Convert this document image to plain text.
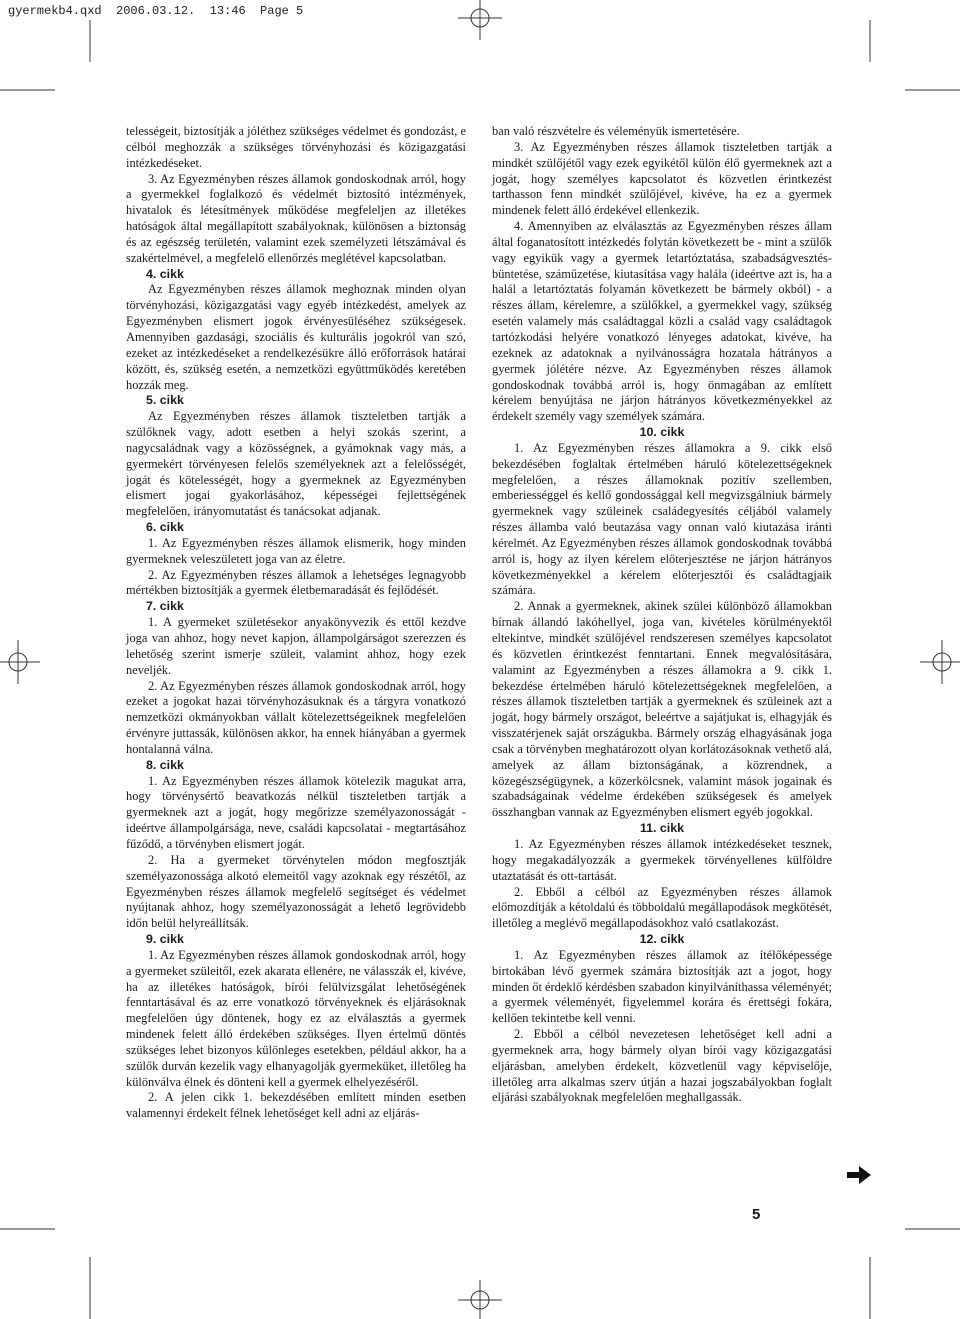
gyermekb4.qxd  2006.03.12.  13:46  Page 5

telességeit, biztosítják a jóléthez szükséges védelmet és gondozást, e célból meghozzák a szükséges törvényhozási és közigazgatási intézkedéseket.

3. Az Egyezményben részes államok gondoskodnak arról, hogy a gyermekkel foglalkozó és védelmét biztosító intézmények, hivatalok és létesítmények működése megfeleljen az illetékes hatóságok által megállapított szabályoknak, különösen a biztonság és az egészség területén, valamint ezek személyzeti létszámával és szakértelmével, a megfelelő ellenőrzés meglétével kapcsolatban.

4. cikk

Az Egyezményben részes államok meghoznak minden olyan törvényhozási, közigazgatási vagy egyéb intézkedést, amelyek az Egyezményben elismert jogok érvényesüléséhez szükségesek. Amennyiben gazdasági, szociális és kulturális jogokról van szó, ezeket az intézkedéseket a rendelkezésükre álló erőforrások határai között, és, szükség esetén, a nemzetközi együttműködés keretében hozzák meg.

5. cikk

Az Egyezményben részes államok tiszteletben tartják a szülőknek vagy, adott esetben a helyi szokás szerint, a nagycsaládnak vagy a közösségnek, a gyámoknak vagy más, a gyermekért törvényesen felelős személyeknek azt a felelősségét, jogát és kötelességét, hogy a gyermeknek az Egyezményben elismert jogai gyakorlásához, képességei fejlettségének megfelelően, irányomutatást és tanácsokat adjanak.

6. cikk

1. Az Egyezményben részes államok elismerik, hogy minden gyermeknek veleszületett joga van az életre.

2. Az Egyezményben részes államok a lehetséges legnagyobb mértékben biztosítják a gyermek életbemaradását és fejlődését.

7. cikk

1. A gyermeket születésekor anyakönyvezik és ettől kezdve joga van ahhoz, hogy nevet kapjon, állampolgárságot szerezzen és lehetőség szerint ismerje szüleit, valamint ahhoz, hogy ezek neveljék.

2. Az Egyezményben részes államok gondoskodnak arról, hogy ezeket a jogokat hazai törvényhozásuknak és a tárgyra vonatkozó nemzetközi okmányokban vállalt kötelezettségeiknek megfelelően érvényre juttassák, különösen akkor, ha ennek hiányában a gyermek hontalanná válna.

8. cikk

1. Az Egyezményben részes államok kötelezik magukat arra, hogy törvénysértő beavatkozás nélkül tiszteletben tartják a gyermeknek azt a jogát, hogy megőrizze személyazonosságát - ideértve állampolgársága, neve, családi kapcsolatai - megtartásához fűződő, a törvényben elismert jogát.

2. Ha a gyermeket törvénytelen módon megfosztják személyazonossága alkotó elemeitől vagy azoknak egy részétől, az Egyezményben részes államok megfelelő segítséget és védelmet nyújtanak ahhoz, hogy személyazonosságát a lehető legrövidebb időn belül helyreállítsák.

9. cikk

1. Az Egyezményben részes államok gondoskodnak arról, hogy a gyermeket szüleitől, ezek akarata ellenére, ne válasszák el, kivéve, ha az illetékes hatóságok, bírói felülvizsgálat lehetőségének fenntartásával és az erre vonatkozó törvényeknek és eljárásoknak megfelelően úgy döntenek, hogy ez az elválasztás a gyermek mindenek felett álló érdekében szükséges. Ilyen értelmű döntés szükséges lehet bizonyos különleges esetekben, például akkor, ha a szülők durván kezelik vagy elhanyagolják gyermeküket, illetőleg ha különválva élnek és dönteni kell a gyermek elhelyezéséről.

2. A jelen cikk 1. bekezdésében említett minden esetben valamennyi érdekelt félnek lehetőséget kell adni az eljárás-

ban való részvételre és véleményük ismertetésére.

3. Az Egyezményben részes államok tiszteletben tartják a mindkét szülőjétől vagy ezek egyikétől külön élő gyermeknek azt a jogát, hogy személyes kapcsolatot és közvetlen érintkezést tarthasson fenn mindkét szülőjével, kivéve, ha ez a gyermek mindenek felett álló érdekével ellenkezik.

4. Amennyiben az elválasztás az Egyezményben részes állam által foganatosított intézkedés folytán következett be - mint a szülők vagy egyikük vagy a gyermek letartóztatása, szabadságvesztés-büntetése, száműzetése, kiutasítása vagy halála (ideértve azt is, ha a halál a letartóztatás folyamán következett be bármely okból) - a részes állam, kérelemre, a szülőkkel, a gyermekkel vagy, szükség esetén valamely más családtaggal közli a család vagy családtagok tartózkodási helyére vonatkozó lényeges adatokat, kivéve, ha ezeknek az adatoknak a nyilvánosságra hozatala hátrányos a gyermek jólétére nézve. Az Egyezményben részes államok gondoskodnak továbbá arról is, hogy önmagában az említett kérelem benyújtása ne járjon hátrányos következményekkel az érdekelt személy vagy személyek számára.

10. cikk

1. Az Egyezményben részes államokra a 9. cikk első bekezdésében foglaltak értelmében háruló kötelezettségeknek megfelelően, a részes államoknak pozitív szellemben, emberiességgel és kellő gondossággal kell megvizsgálniuk bármely gyermeknek vagy szüleinek családegyesítés céljából valamely részes államba való beutazása vagy onnan való kiutazása iránti kérelmét. Az Egyezményben részes államok gondoskodnak továbbá arról is, hogy az ilyen kérelem előterjesztése ne járjon hátrányos következményekkel a kérelem előterjesztői és családtagjaik számára.

2. Annak a gyermeknek, akinek szülei különböző államokban bírnak állandó lakóhellyel, joga van, kivételes körülményektől eltekintve, mindkét szülőjével rendszeresen személyes kapcsolatot és közvetlen érintkezést fenntartani. Ennek megvalósítására, valamint az Egyezményben a részes államokra a 9. cikk 1. bekezdése értelmében háruló kötelezettségeknek megfelelően, a részes államok tiszteletben tartják a gyermeknek és szüleinek azt a jogát, hogy bármely országot, beleértve a sajátjukat is, elhagyják és visszatérjenek saját országukba. Bármely ország elhagyásának joga csak a törvényben meghatározott olyan korlátozásoknak vethető alá, amelyek az állam biztonságának, a közrendnek, a közegészségügynek, a közerkölcsnek, valamint mások jogainak és szabadságainak védelme érdekében szükségesek és amelyek összhangban vannak az Egyezményben elismert egyéb jogokkal.

11. cikk

1. Az Egyezményben részes államok intézkedéseket tesznek, hogy megakadályozzák a gyermekek törvényellenes külföldre utaztatását és ott-tartását.

2. Ebből a célból az Egyezményben részes államok előmozdítják a kétoldalú és többoldalú megállapodások megkötését, illetőleg a meglévő megállapodásokhoz való csatlakozást.

12. cikk

1. Az Egyezményben részes államok az ítélőképessége birtokában lévő gyermek számára biztosítják azt a jogot, hogy minden őt érdeklő kérdésben szabadon kinyilváníthassa véleményét; a gyermek véleményét, figyelemmel korára és érettségi fokára, kellően tekintetbe kell venni.

2. Ebből a célból nevezetesen lehetőséget kell adni a gyermeknek arra, hogy bármely olyan bírói vagy közigazgatási eljárásban, amelyben érdekelt, közvetlenül vagy képviselője, illetőleg arra alkalmas szerv útján a hazai jogszabályokban foglalt eljárási szabályoknak megfelelően meghallgassák.

5
